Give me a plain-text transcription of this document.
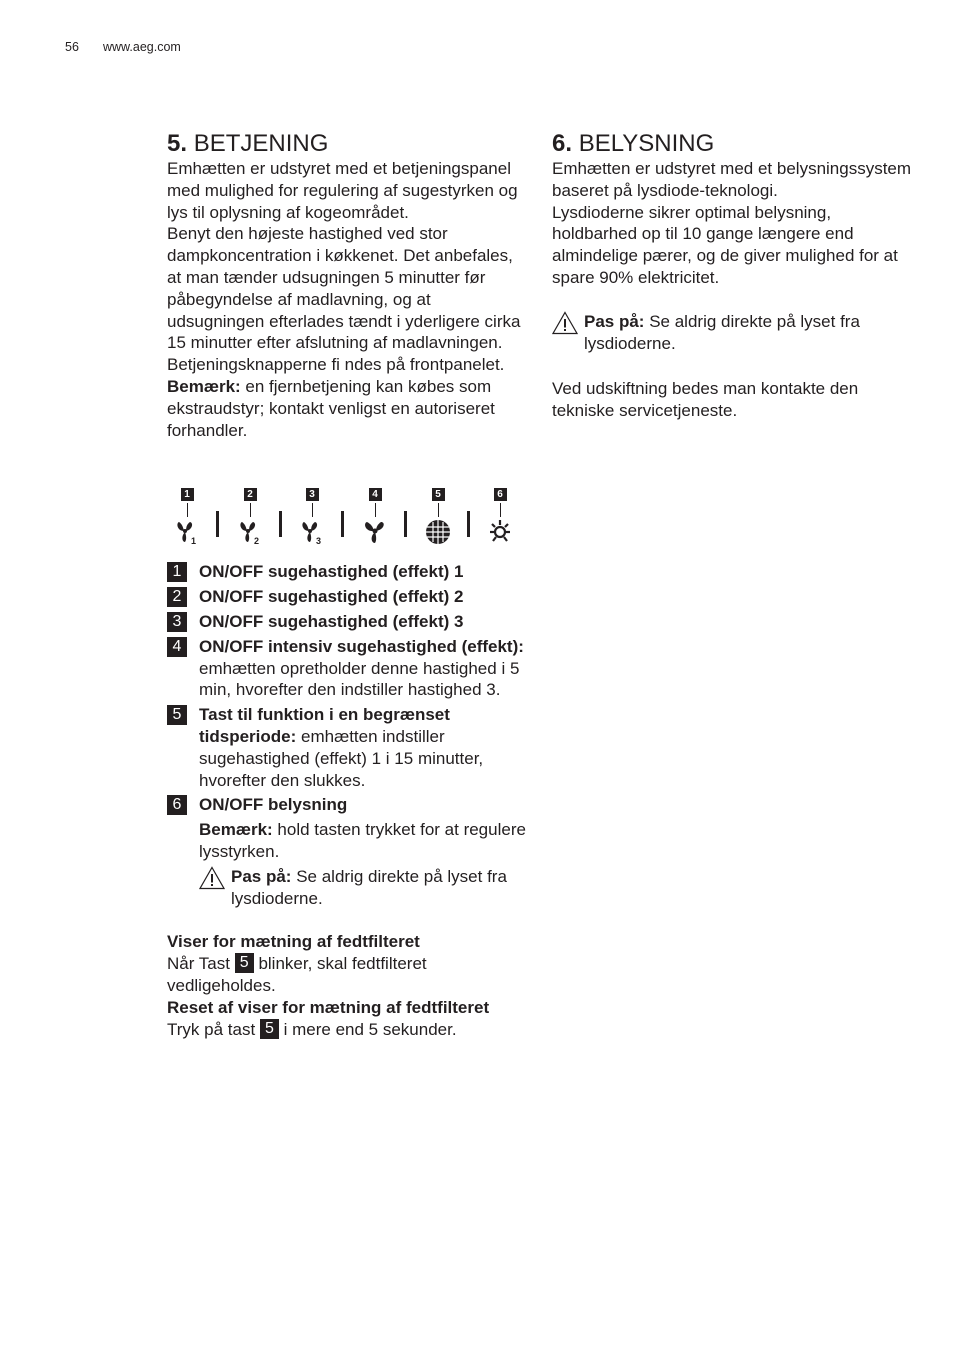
56 www.aeg.com
5. BETJENING

Emhætten er udstyret med et betjeningspanel med mulighed for regulering af sugestyrken og lys til oplysning af kogeområdet.

Benyt den højeste hastighed ved stor dampkoncentration i køkkenet. Det anbefales, at man tænder udsugningen 5 minutter før påbegyndelse af madlavning, og at udsugningen efterlades tændt i yderligere cirka 15 minutter efter afslutning af madlavningen.

Betjeningsknapperne fi ndes på frontpanelet.

Bemærk: en fjernbetjening kan købes som ekstraudstyr; kontakt venligst en autoriseret forhandler.

1
1
2
2
3
3
4	5	6
1	ON/OFF sugehastighed (effekt) 1
2	ON/OFF sugehastighed (effekt) 2
3	ON/OFF sugehastighed (effekt) 3
4	ON/OFF intensiv sugehastighed (effekt): emhætten opretholder denne hastighed i 5 min, hvorefter den indstiller hastighed 3.
5	Tast til funktion i en begrænset tidsperiode: emhætten indstiller sugehastighed (effekt) 1 i 15 minutter, hvorefter den slukkes.
6	ON/OFF belysning
Bemærk: hold tasten trykket for at regulere lysstyrken.
Pas på: Se aldrig direkte på lyset fra lysdioderne.

Viser for mætning af fedtfilteret

Når Tast 5 blinker, skal fedtfilteret vedligeholdes.

Reset af viser for mætning af fedtfilteret

Tryk på tast 5 i mere end 5 sekunder.

6. BELYSNING

Emhætten er udstyret med et belysningssystem baseret på lysdiode-teknologi.

Lysdioderne sikrer optimal belysning, holdbarhed op til 10 gange længere end almindelige pærer, og de giver mulighed for at spare 90% elektricitet.

Pas på: Se aldrig direkte på lyset fra lysdioderne.

Ved udskiftning bedes man kontakte den tekniske servicetjeneste.
